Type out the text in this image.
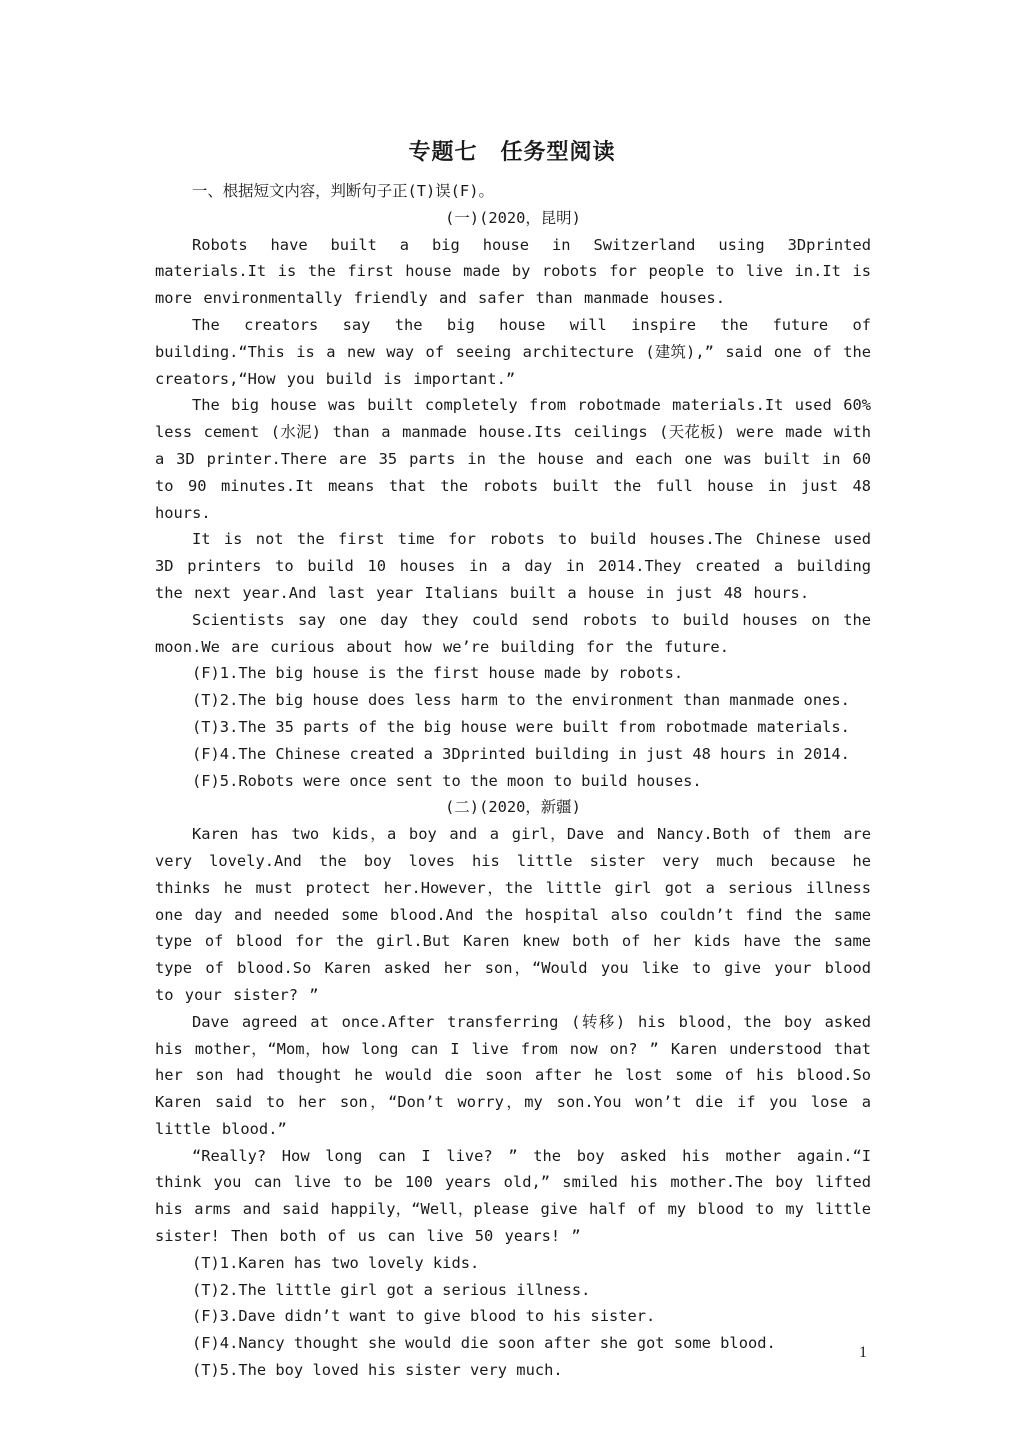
专题七　任务型阅读

一、根据短文内容，判断句子正(T)误(F)。

(一)(2020，昆明)

Robots have built a big house in Switzerland using 3Dprinted materials.It is the first house made by robots for people to live in.It is more environmentally friendly and safer than manmade houses.

The creators say the big house will inspire the future of building.“This is a new way of seeing architecture (建筑),” said one of the creators,“How you build is important.”

The big house was built completely from robotmade materials.It used 60% less cement (水泥) than a manmade house.Its ceilings (天花板) were made with a 3D printer.There are 35 parts in the house and each one was built in 60 to 90 minutes.It means that the robots built the full house in just 48 hours.

It is not the first time for robots to build houses.The Chinese used 3D printers to build 10 houses in a day in 2014.They created a building the next year.And last year Italians built a house in just 48 hours.

Scientists say one day they could send robots to build houses on the moon.We are curious about how we’re building for the future.

(F)1.The big house is the first house made by robots.

(T)2.The big house does less harm to the environment than manmade ones.

(T)3.The 35 parts of the big house were built from robotmade materials.

(F)4.The Chinese created a 3Dprinted building in just 48 hours in 2014.

(F)5.Robots were once sent to the moon to build houses.

(二)(2020，新疆)

Karen has two kids，a boy and a girl，Dave and Nancy.Both of them are very lovely.And the boy loves his little sister very much because he thinks he must protect her.However，the little girl got a serious illness one day and needed some blood.And the hospital also couldn’t find the same type of blood for the girl.But Karen knew both of her kids have the same type of blood.So Karen asked her son，“Would you like to give your blood to your sister? ”

Dave agreed at once.After transferring (转移) his blood，the boy asked his mother，“Mom，how long can I live from now on? ” Karen understood that her son had thought he would die soon after he lost some of his blood.So Karen said to her son，“Don’t worry，my son.You won’t die if you lose a little blood.”

“Really? How long can I live? ” the boy asked his mother again.“I think you can live to be 100 years old,” smiled his mother.The boy lifted his arms and said happily，“Well，please give half of my blood to my little sister! Then both of us can live 50 years! ”

(T)1.Karen has two lovely kids.

(T)2.The little girl got a serious illness.

(F)3.Dave didn’t want to give blood to his sister.

(F)4.Nancy thought she would die soon after she got some blood.

(T)5.The boy loved his sister very much.

1
